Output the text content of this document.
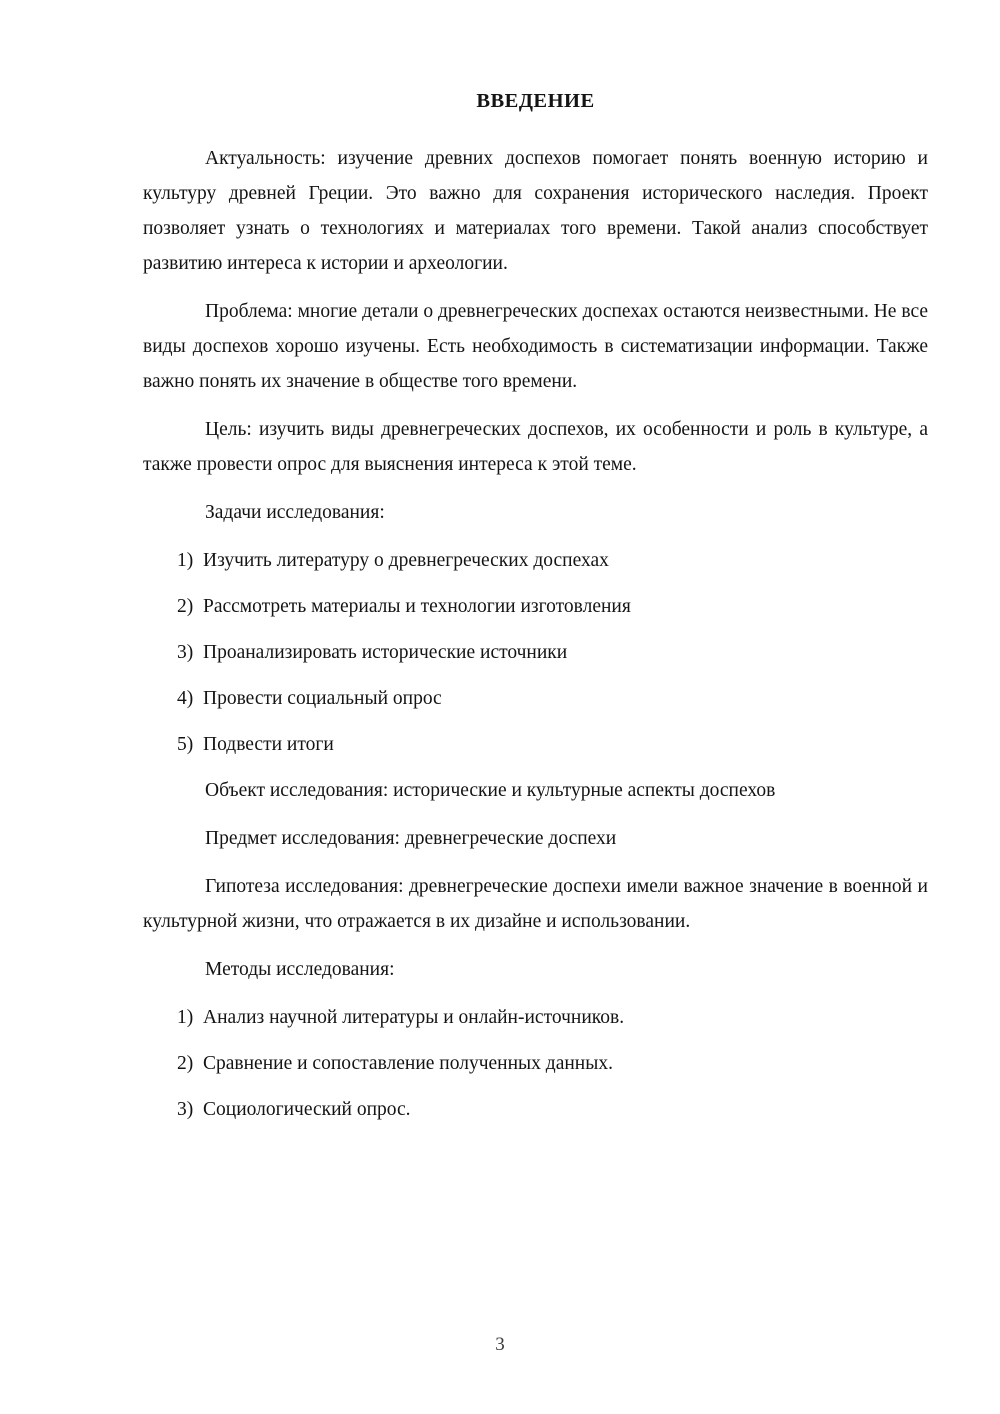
ВВЕДЕНИЕ

Актуальность: изучение древних доспехов помогает понять военную историю и культуру древней Греции. Это важно для сохранения исторического наследия. Проект позволяет узнать о технологиях и материалах того времени. Такой анализ способствует развитию интереса к истории и археологии.

Проблема: многие детали о древнегреческих доспехах остаются неизвестными. Не все виды доспехов хорошо изучены. Есть необходимость в систематизации информации. Также важно понять их значение в обществе того времени.

Цель: изучить виды древнегреческих доспехов, их особенности и роль в культуре, а также провести опрос для выяснения интереса к этой теме.

Задачи исследования:

1) Изучить литературу о древнегреческих доспехах
2) Рассмотреть материалы и технологии изготовления
3) Проанализировать исторические источники
4) Провести социальный опрос
5) Подвести итоги

Объект исследования: исторические и культурные аспекты доспехов

Предмет исследования: древнегреческие доспехи

Гипотеза исследования: древнегреческие доспехи имели важное значение в военной и культурной жизни, что отражается в их дизайне и использовании.

Методы исследования:

1) Анализ научной литературы и онлайн-источников.
2) Сравнение и сопоставление полученных данных.
3) Социологический опрос.
3
